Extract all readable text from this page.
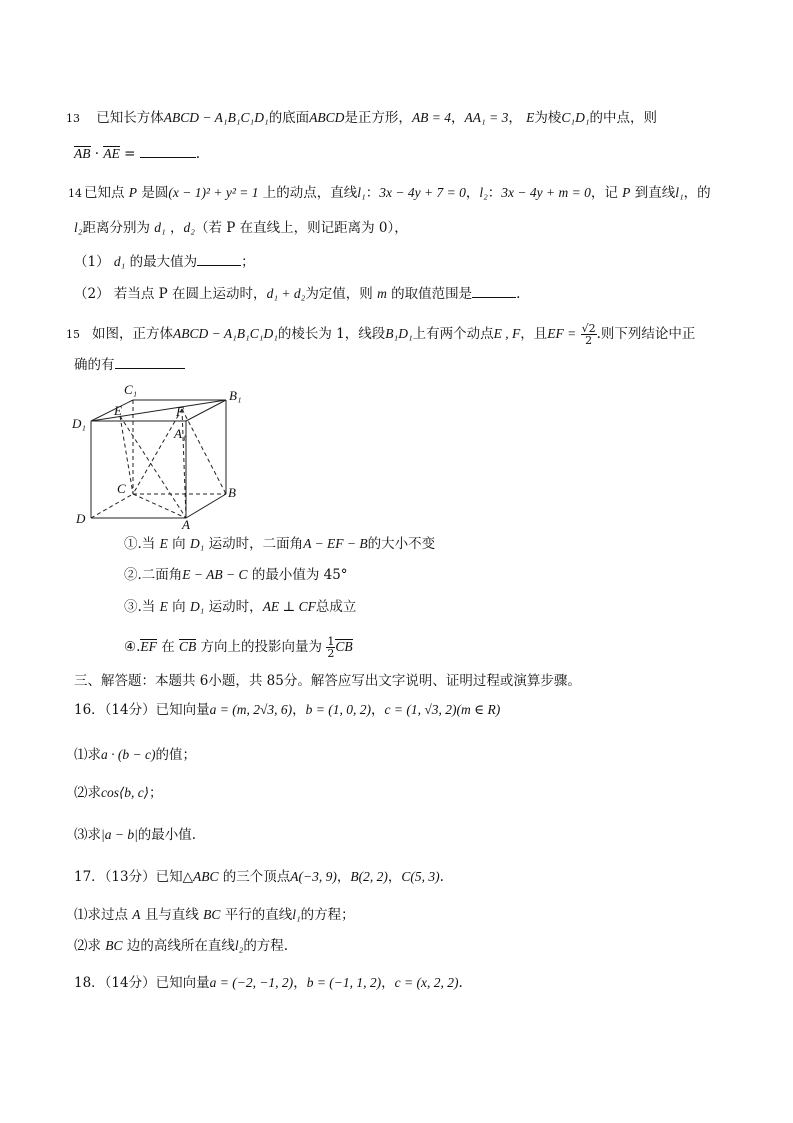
13 已知长方体ABCD − A₁B₁C₁D₁的底面ABCD是正方形，AB = 4，AA₁ = 3， E为棱C₁D₁的中点，则
AB · AE =	.
14 已知点 P 是圆(x − 1)² + y² = 1 上的动点，直线l₁：3x − 4y + 7 = 0，l₂：3x − 4y + m = 0，记 P 到直线l₁，的
l₂距离分别为 d₁ ，d₂（若 P 在直线上，则记距离为 0），
（1） d₁ 的最大值为	；
（2） 若当点 P 在圆上运动时，d₁ + d₂为定值，则 m 的取值范围是	.
15 如图，正方体ABCD − A₁B₁C₁D₁的棱长为 1，线段B₁D₁上有两个动点E , F，且EF = $\frac{√2}{2}$ .则下列结论中正
确的有
C₁	B₁
D₁
A₁
E	F
C	B
D	A
①.当 E 向 D₁ 运动时，二面角A − EF − B的大小不变
②.二面角E − AB − C 的最小值为 45°
③.当 E 向 D₁ 运动时，AE ⊥ CF总成立
④.EF 在 CB 方向上的投影向量为 $\frac{1}{2}$ CB
三、解答题：本题共 6小题，共 85分。解答应写出文字说明、证明过程或演算步骤。
16．（14分）已知向量a = (m, 2√3, 6)，b = (1, 0, 2)，c = (1, √3, 2)(m ∈ R)
⑴求a · (b − c)的值；
⑵求cos⟨b, c⟩；
⑶求|a − b|的最小值.
17．（13分）已知△ABC 的三个顶点A(−3, 9)，B(2, 2)，C(5, 3).
⑴求过点 A 且与直线 BC 平行的直线l₁的方程；
⑵求 BC 边的高线所在直线l₂的方程.
18．（14分）已知向量a = (−2, −1, 2)，b = (−1, 1, 2)，c = (x, 2, 2).
